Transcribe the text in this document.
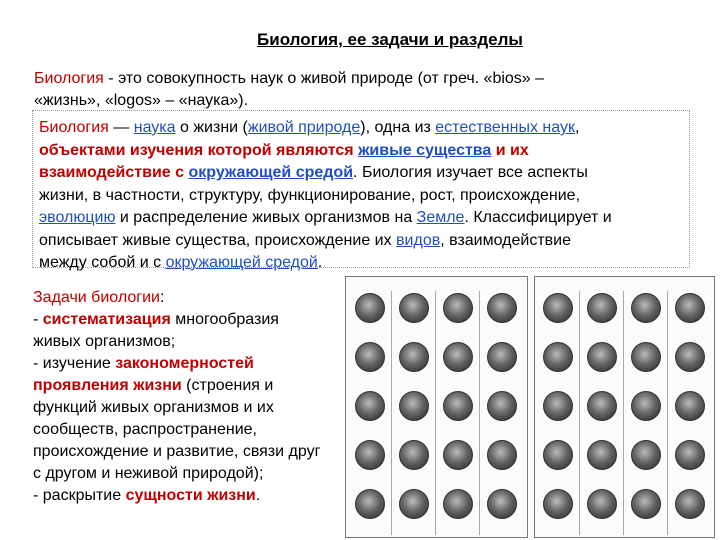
Биология, ее задачи и разделы
Биология - это совокупность наук о живой природе (от греч. «bios» –
«жизнь», «logos» – «наука»).
Биология — наука о жизни (живой природе), одна из естественных наук,
объектами изучения которой являются живые существа и их
взаимодействие с окружающей средой. Биология изучает все аспекты
жизни, в частности, структуру, функционирование, рост, происхождение,
эволюцию и распределение живых организмов на Земле. Классифицирует и
описывает живые существа, происхождение их видов, взаимодействие
между собой и с окружающей средой.
Задачи биологии:
- систематизация многообразия
живых организмов;
- изучение закономерностей
проявления жизни (строения и
функций живых организмов и их
сообществ, распространение,
происхождение и развитие, связи друг
с другом и неживой природой);
- раскрытие сущности жизни.
